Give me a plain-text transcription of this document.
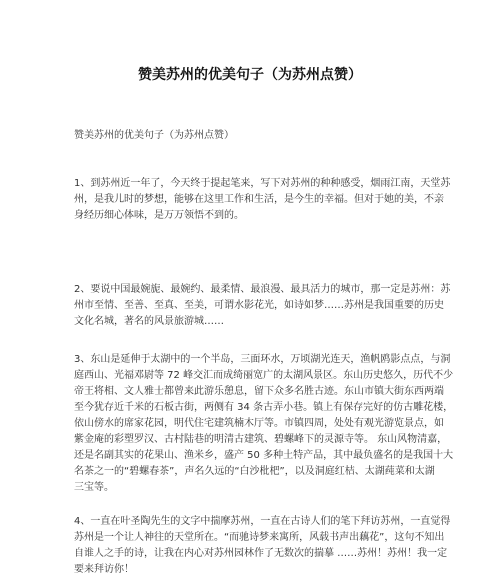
赞美苏州的优美句子（为苏州点赞）

赞美苏州的优美句子（为苏州点赞）

1、到苏州近一年了，今天终于提起笔来，写下对苏州的种种感受，烟雨江南，天堂苏
州，是我儿时的梦想，能够在这里工作和生活，是今生的幸福。但对于她的美，不亲
身经历细心体味，是万万领悟不到的。
2、要说中国最婉旎、最婉约、最柔情、最浪漫、最具活力的城市，那一定是苏州：苏
州市至情、至善、至真、至美，可谓水影花光，如诗如梦……苏州是我国重要的历史
文化名城，著名的风景旅游城……
3、东山是延伸于太湖中的一个半岛，三面环水，万顷湖光连天，渔帆鸥影点点，与洞
庭西山、光福邓尉等 72 峰交汇而成绮丽宽广的太湖风景区。东山历史悠久，历代不少
帝王将相、文人雅士都曾来此游乐憩息，留下众多名胜古迹。东山市镇大街东西两端
至今犹存近千米的石板古街，两侧有 34 条古弄小巷。镇上有保存完好的仿古雕花楼，
依山傍水的席家花园，明代住宅建筑楠木厅等。市镇四周，处处有观光游览景点，如
紫金庵的彩塑罗汉、古村陆巷的明清古建筑、碧螺峰下的灵源寺等。 东山风物清嘉，
还是名副其实的花果山、渔米乡，盛产 50 多种土特产品，其中最负盛名的是我国十大
名茶之一的“碧螺春茶”，声名久远的“白沙枇杷”，以及洞庭红桔、太湖莼菜和太湖
三宝等。
4、一直在叶圣陶先生的文字中揣摩苏州，一直在古诗人们的笔下拜访苏州，一直觉得
苏州是一个让人神往的天堂所在。“而驰诗梦来寓所，风载书声出藕花”，这句不知出
自谁人之手的诗，让我在内心对苏州园林作了无数次的揣摹 ……苏州！苏州！我一定
要来拜访你！
